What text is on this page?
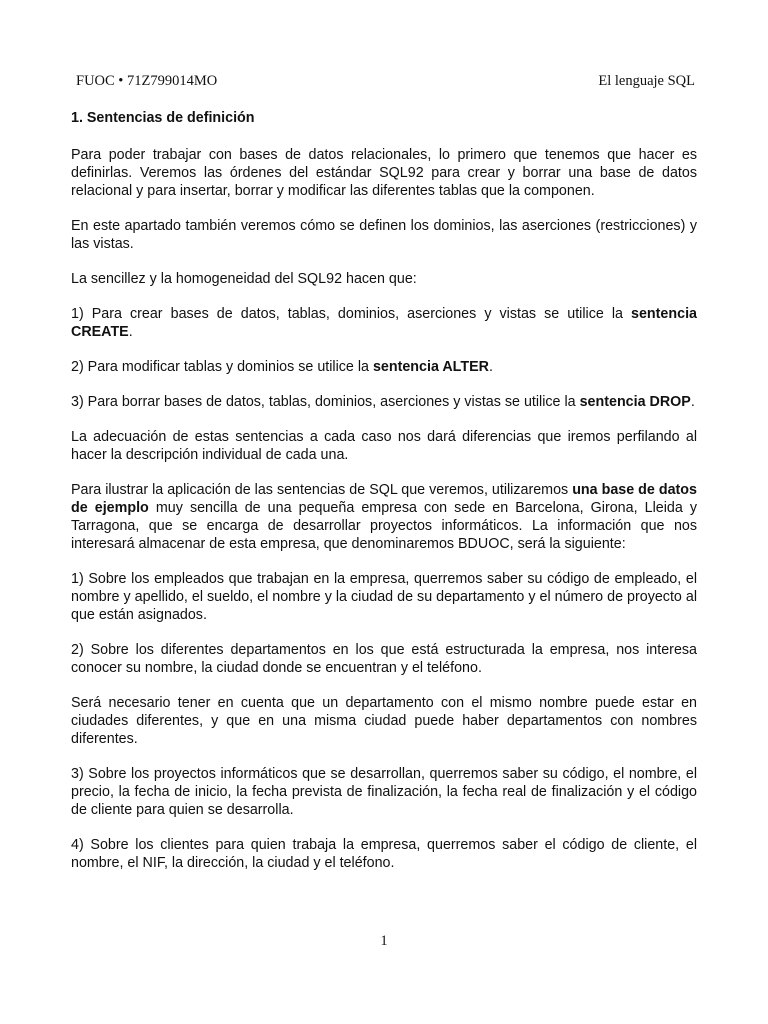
FUOC • 71Z799014MO	El lenguaje SQL
1. Sentencias de definición

Para poder trabajar con bases de datos relacionales, lo primero que tenemos que hacer es definirlas. Veremos las órdenes del estándar SQL92 para crear y borrar una base de datos relacional y para insertar, borrar y modificar las diferentes tablas que la componen.

En este apartado también veremos cómo se definen los dominios, las aserciones (restricciones) y las vistas.

La sencillez y la homogeneidad del SQL92 hacen que:

1) Para crear bases de datos, tablas, dominios, aserciones y vistas se utilice la sentencia CREATE.

2) Para modificar tablas y dominios se utilice la sentencia ALTER.

3) Para borrar bases de datos, tablas, dominios, aserciones y vistas se utilice la sentencia DROP.

La adecuación de estas sentencias a cada caso nos dará diferencias que iremos perfilando al hacer la descripción individual de cada una.

Para ilustrar la aplicación de las sentencias de SQL que veremos, utilizaremos una base de datos de ejemplo muy sencilla de una pequeña empresa con sede en Barcelona, Girona, Lleida y Tarragona, que se encarga de desarrollar proyectos informáticos. La información que nos interesará almacenar de esta empresa, que denominaremos BDUOC, será la siguiente:

1) Sobre los empleados que trabajan en la empresa, querremos saber su código de empleado, el nombre y apellido, el sueldo, el nombre y la ciudad de su departamento y el número de proyecto al que están asignados.

2) Sobre los diferentes departamentos en los que está estructurada la empresa, nos interesa conocer su nombre, la ciudad donde se encuentran y el teléfono.

Será necesario tener en cuenta que un departamento con el mismo nombre puede estar en ciudades diferentes, y que en una misma ciudad puede haber departamentos con nombres diferentes.

3) Sobre los proyectos informáticos que se desarrollan, querremos saber su código, el nombre, el precio, la fecha de inicio, la fecha prevista de finalización, la fecha real de finalización y el código de cliente para quien se desarrolla.

4) Sobre los clientes para quien trabaja la empresa, querremos saber el código de cliente, el nombre, el NIF, la dirección, la ciudad y el teléfono.

1
